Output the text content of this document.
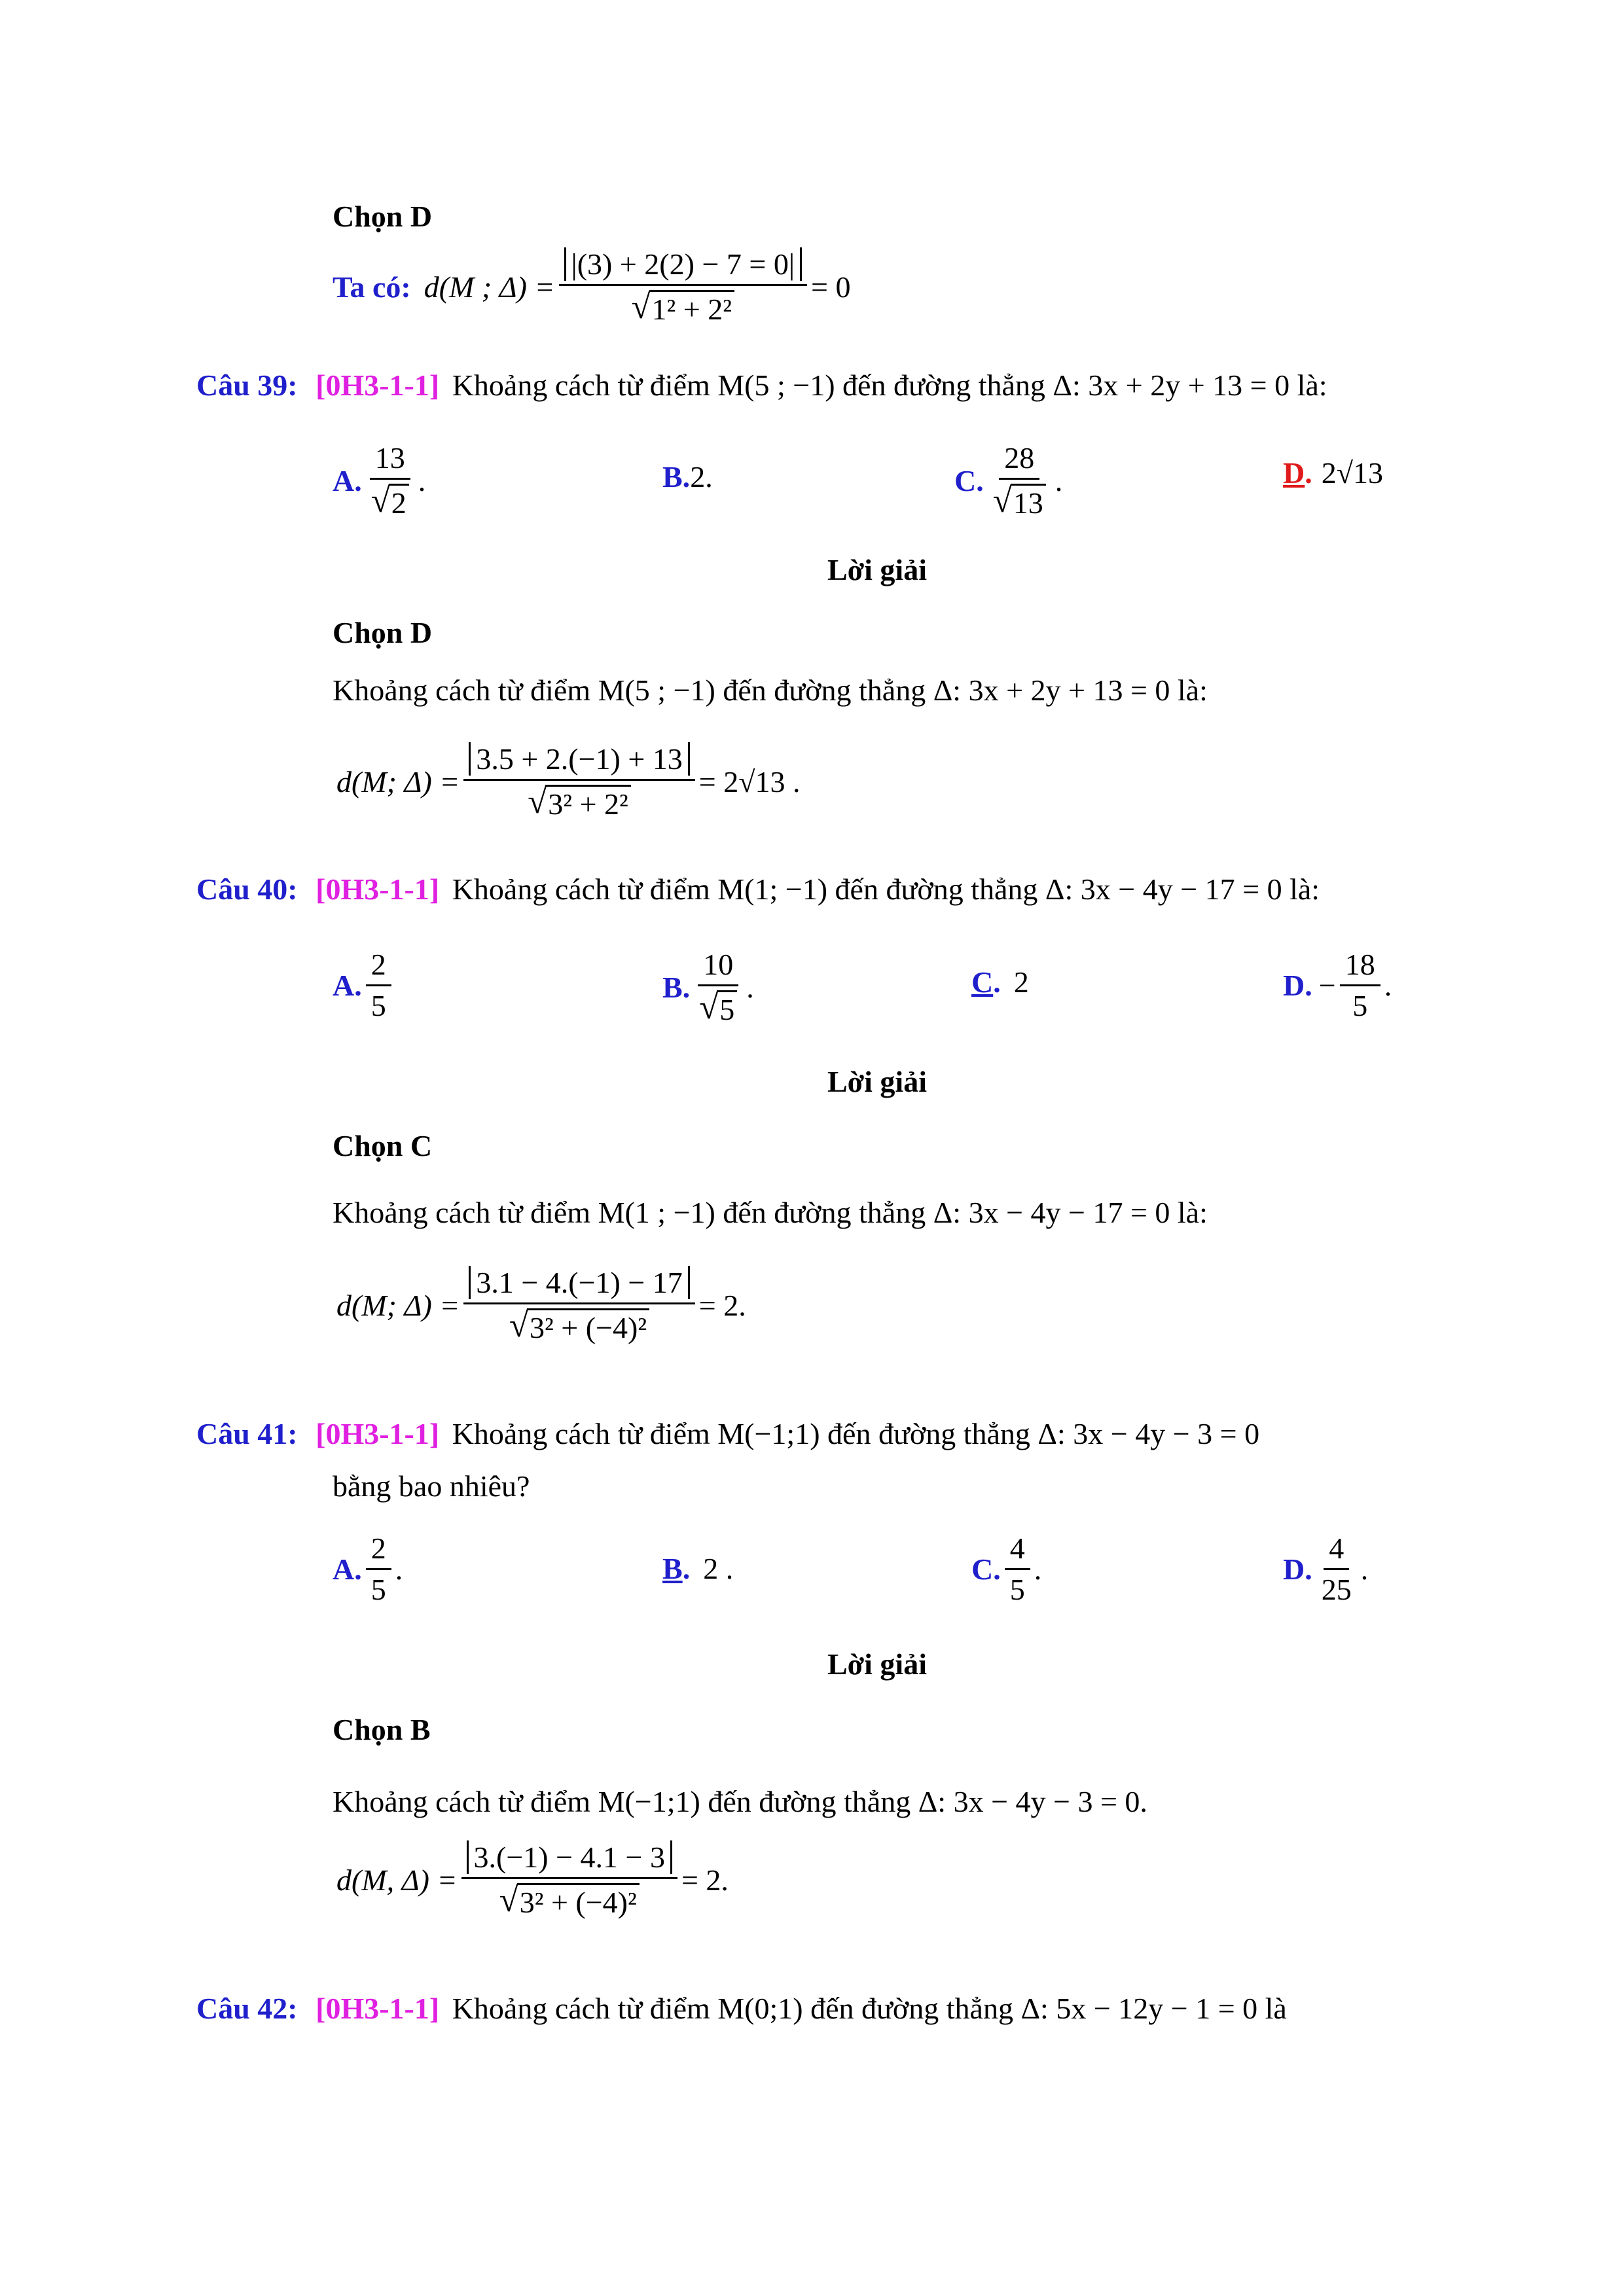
Chọn D
Ta có: d(M ; $\Delta) = \frac{|(3) + 2(2) - 7 = 0|}{\text{√ 1² + 2²}} = 0$
Câu 39: [0H3-1-1] Khoảng cách từ điểm M(5 ; −1) đến đường thẳng Δ: 3x + 2y + 13 = 0 là:
A. $\frac{13}{√ 2}$ .	B. 2.	C. $\frac{28}{√ 13}$ .	D . 2√13
Lời giải
Chọn D
Khoảng cách từ điểm M(5 ; −1) đến đường thẳng Δ: 3x + 2y + 13 = 0 là:
d(M; $\Delta) = \frac{3.5 + 2.(-1) + 13}{\text{√ 3² + 2²}} = 2√13$ .
Câu 40: [0H3-1-1] Khoảng cách từ điểm M(1; −1) đến đường thẳng Δ: 3x − 4y − 17 = 0 là:
A. $\frac{2}{5}$	B. $\frac{10}{√ 5}$ .	C . 2	D. − $\frac{18}{5}$ .
Lời giải
Chọn C
Khoảng cách từ điểm M(1 ; −1) đến đường thẳng Δ: 3x − 4y − 17 = 0 là:
d(M; $\Delta) = \frac{3.1 - 4.(-1) - 17}{\text{√ 3² + (−4)²}} = 2$.
Câu 41: [0H3-1-1] Khoảng cách từ điểm M(−1;1) đến đường thẳng Δ: 3x − 4y − 3 = 0
bằng bao nhiêu?
A. $\frac{2}{5}$ .	B . 2 .	C. $\frac{4}{5}$ .	D. $\frac{4}{25}$ .
Lời giải
Chọn B
Khoảng cách từ điểm M(−1;1) đến đường thẳng Δ: 3x − 4y − 3 = 0.
d(M, $\Delta) = \frac{3.(-1) - 4.1 - 3}{\text{√ 3² + (−4)²}} = 2$.
Câu 42: [0H3-1-1] Khoảng cách từ điểm M(0;1) đến đường thẳng Δ: 5x − 12y − 1 = 0 là
